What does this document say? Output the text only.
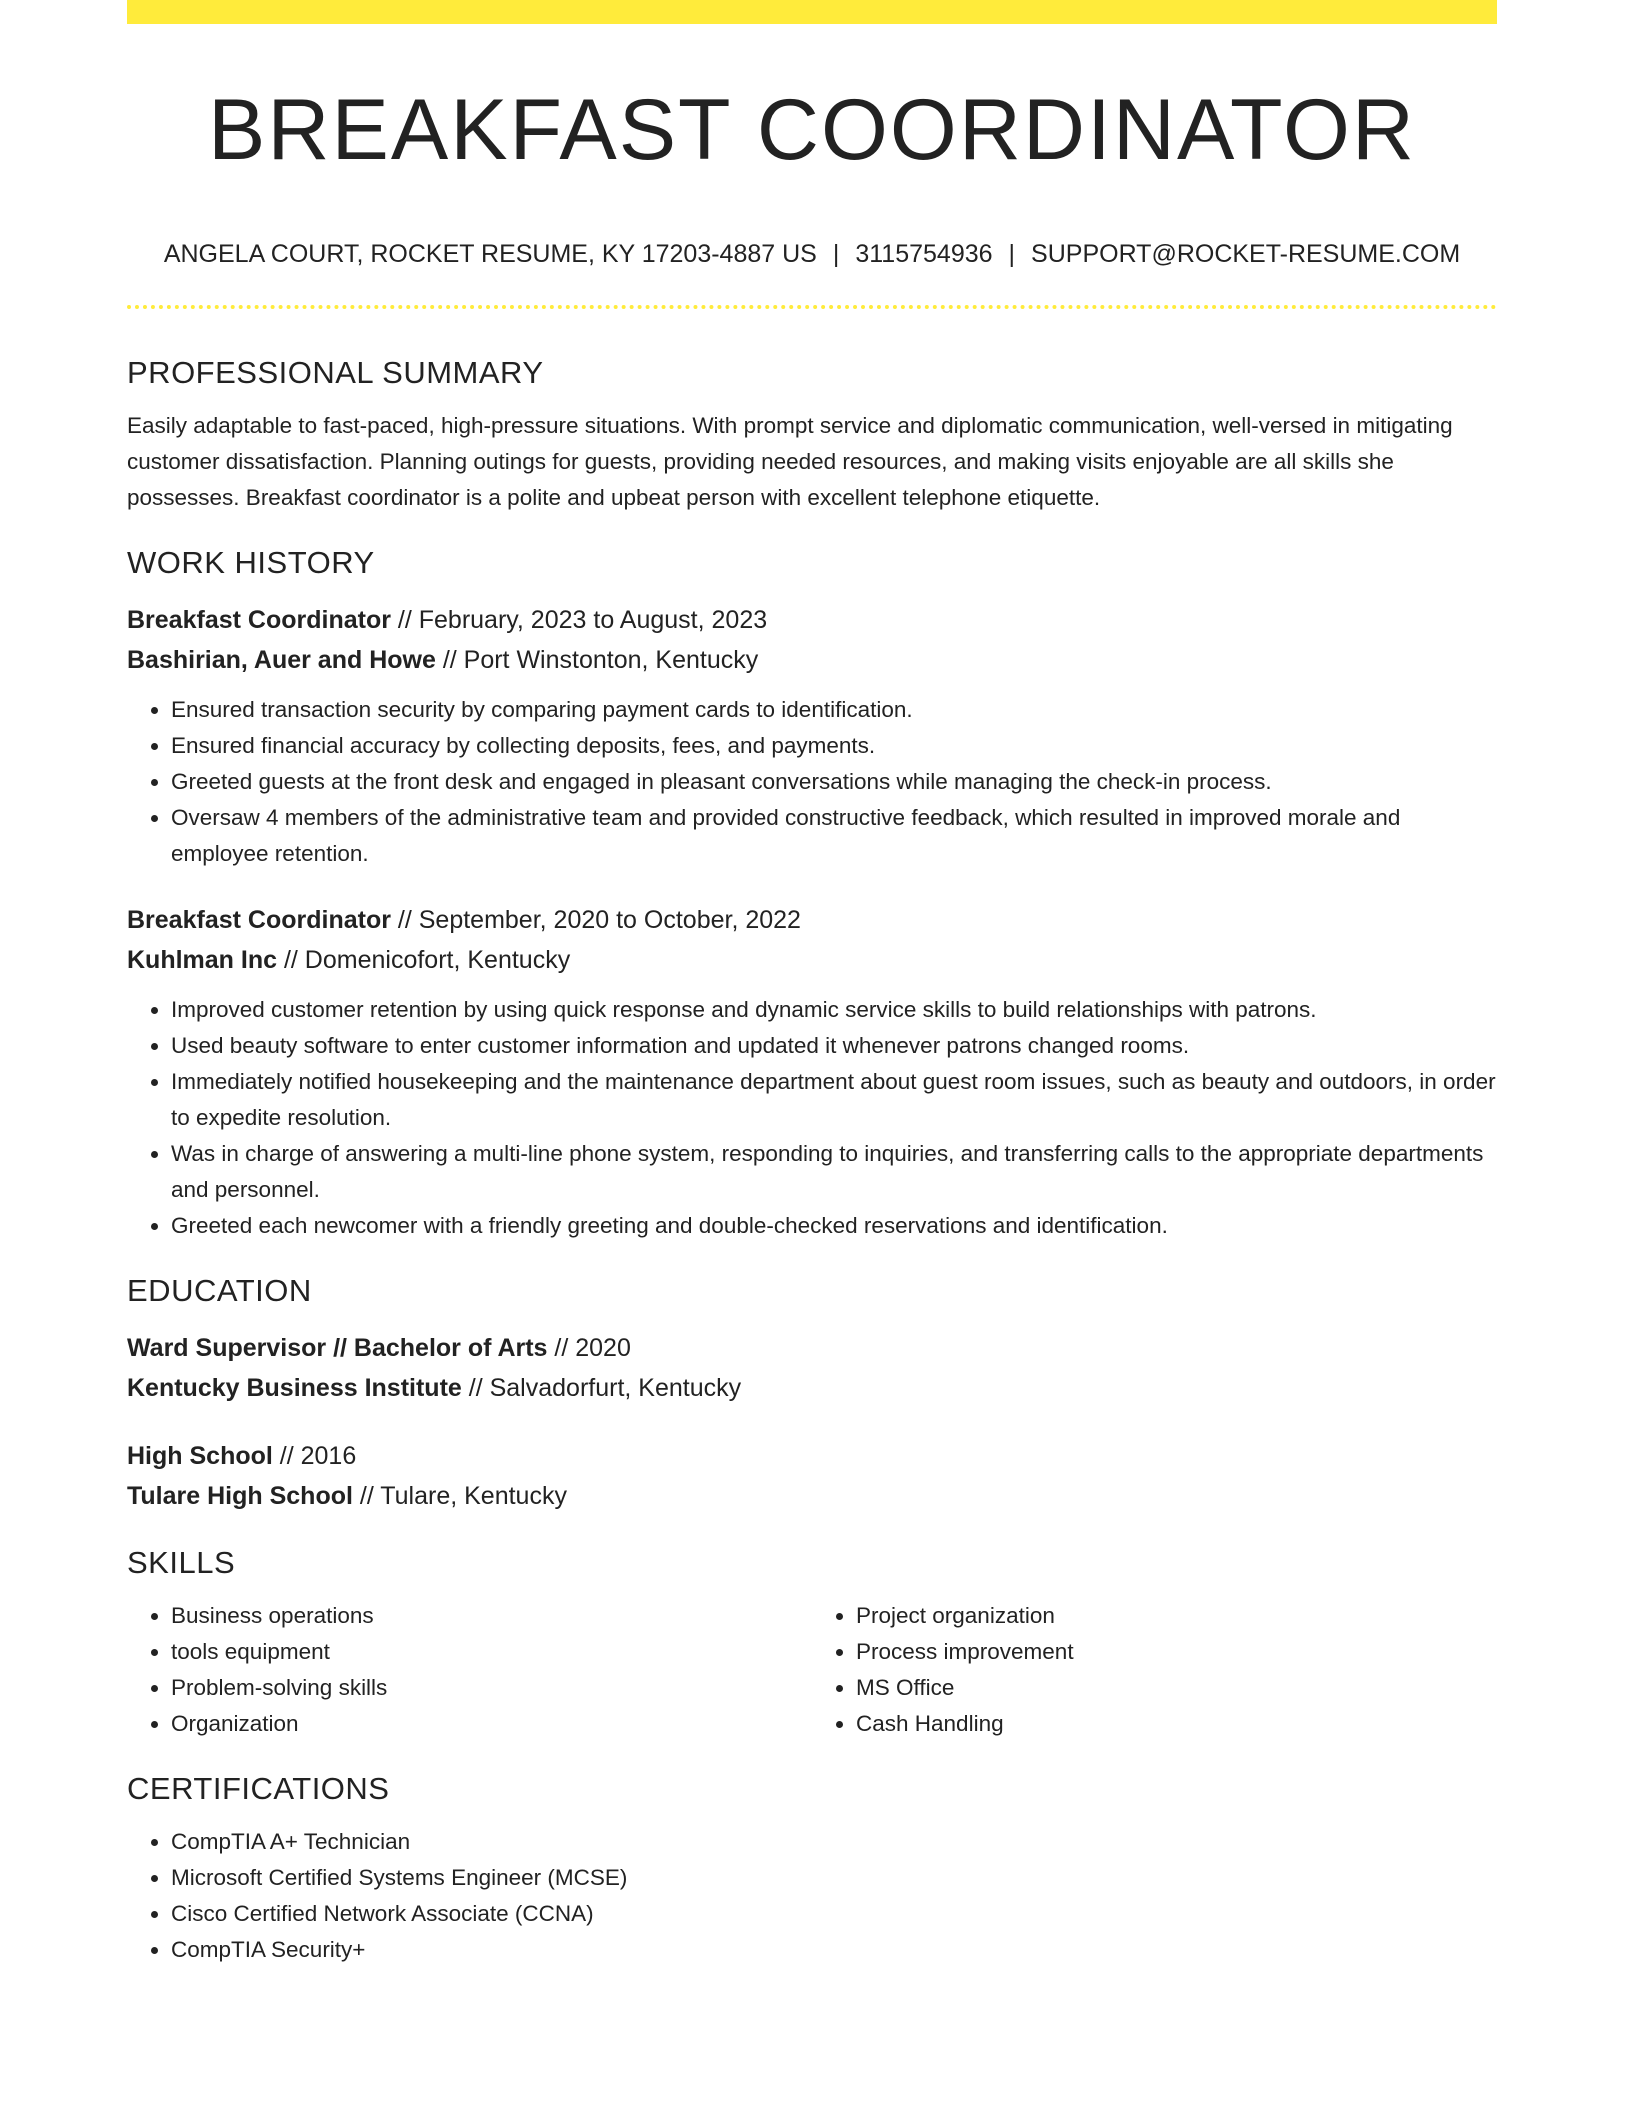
BREAKFAST COORDINATOR
ANGELA COURT, ROCKET RESUME, KY 17203-4887 US | 3115754936 | SUPPORT@ROCKET-RESUME.COM
PROFESSIONAL SUMMARY

Easily adaptable to fast-paced, high-pressure situations. With prompt service and diplomatic communication, well-versed in mitigating customer dissatisfaction. Planning outings for guests, providing needed resources, and making visits enjoyable are all skills she possesses. Breakfast coordinator is a polite and upbeat person with excellent telephone etiquette.

WORK HISTORY

Breakfast Coordinator // February, 2023 to August, 2023

Bashirian, Auer and Howe // Port Winstonton, Kentucky

• Ensured transaction security by comparing payment cards to identification.
• Ensured financial accuracy by collecting deposits, fees, and payments.
• Greeted guests at the front desk and engaged in pleasant conversations while managing the check-in process.
• Oversaw 4 members of the administrative team and provided constructive feedback, which resulted in improved morale and employee retention.

Breakfast Coordinator // September, 2020 to October, 2022

Kuhlman Inc // Domenicofort, Kentucky

• Improved customer retention by using quick response and dynamic service skills to build relationships with patrons.
• Used beauty software to enter customer information and updated it whenever patrons changed rooms.
• Immediately notified housekeeping and the maintenance department about guest room issues, such as beauty and outdoors, in order to expedite resolution.
• Was in charge of answering a multi-line phone system, responding to inquiries, and transferring calls to the appropriate departments and personnel.
• Greeted each newcomer with a friendly greeting and double-checked reservations and identification.
EDUCATION

Ward Supervisor // Bachelor of Arts // 2020

Kentucky Business Institute // Salvadorfurt, Kentucky

High School // 2016

Tulare High School // Tulare, Kentucky

SKILLS
• Business operations
• tools equipment
• Problem-solving skills
• Organization
• Project organization
• Process improvement
• MS Office
• Cash Handling
CERTIFICATIONS
• CompTIA A+ Technician
• Microsoft Certified Systems Engineer (MCSE)
• Cisco Certified Network Associate (CCNA)
• CompTIA Security+
